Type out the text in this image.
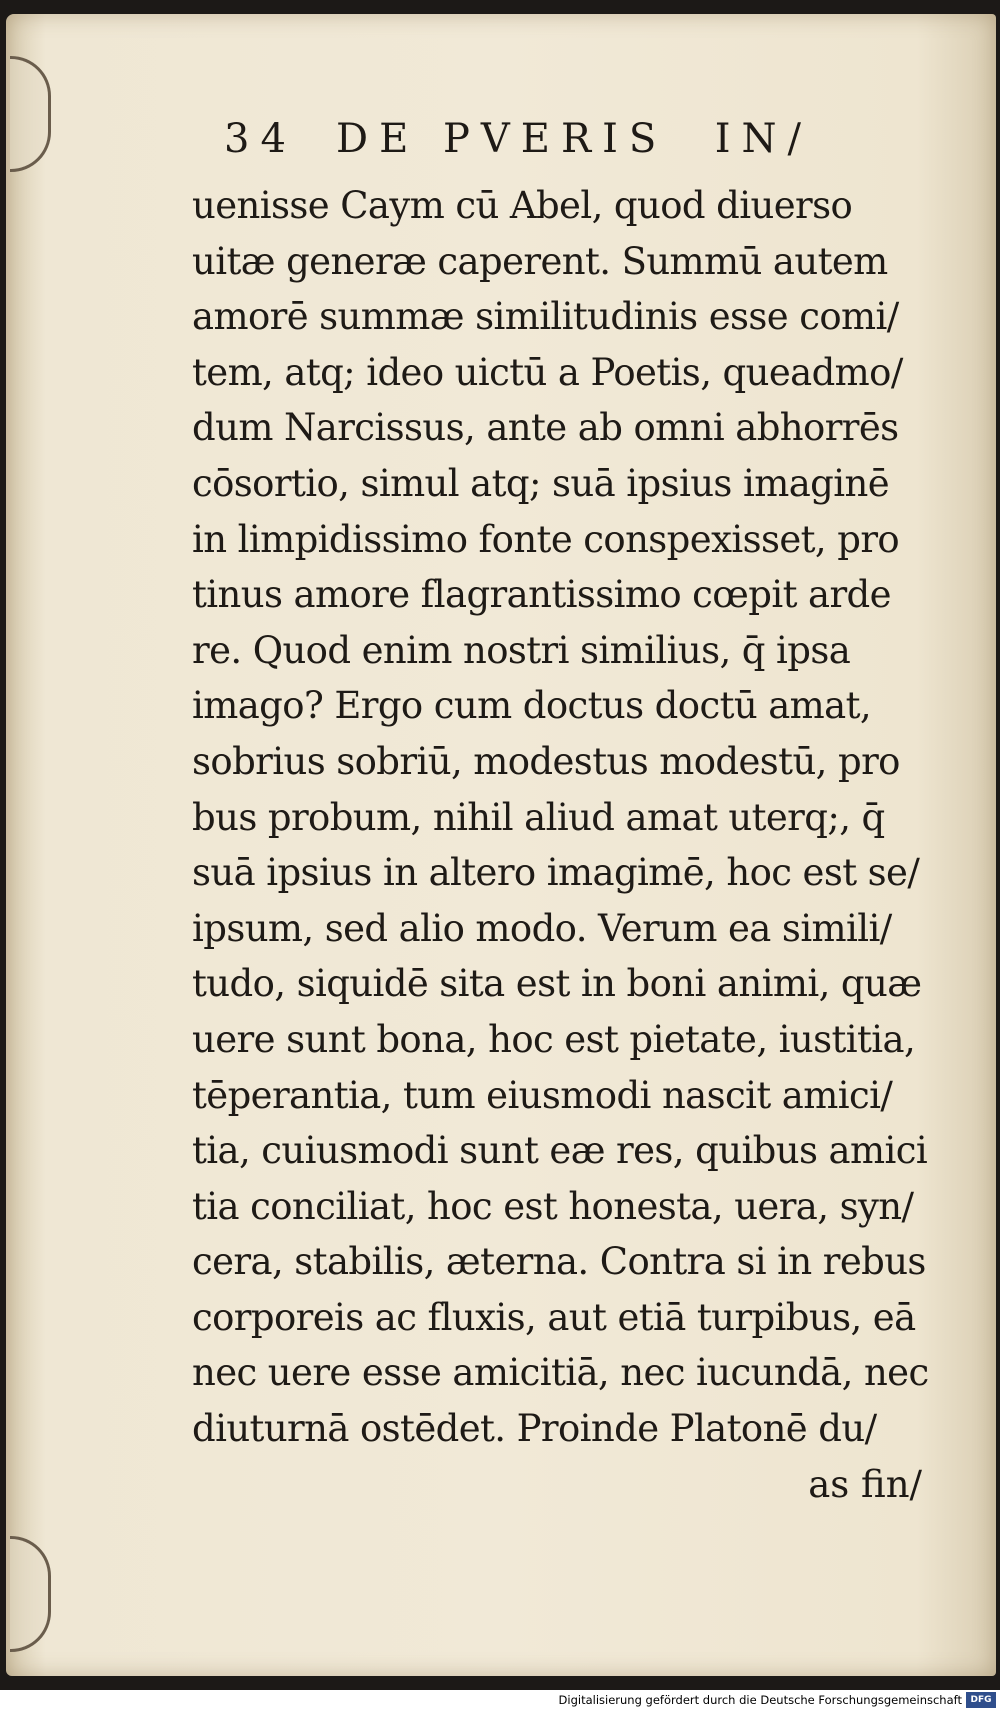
34 DE PVERIS  IN/
uenisse Caym cū Abel, quod diuerso
uitæ generæ caperent. Summū autem
amorē summæ similitudinis esse comi/
tem, atq; ideo uictū a Poetis, queadmo/
dum Narcissus, ante ab omni abhorrēs
cōsortio, simul atq; suā ipsius imaginē
in limpidissimo fonte conspexisset, pro
tinus amore flagrantissimo cœpit arde
re. Quod enim nostri similius, q̄ ipsa
imago? Ergo cum doctus doctū amat,
sobrius sobriū, modestus modestū, pro
bus probum, nihil aliud amat uterq;, q̄
suā ipsius in altero imagimē, hoc est se/
ipsum, sed alio modo. Verum ea simili/
tudo, siquidē sita est in boni animi, quæ
uere sunt bona, hoc est pietate, iustitia,
tēperantia, tum eiusmodi nascit amici/
tia, cuiusmodi sunt eæ res, quibus amici
tia conciliat, hoc est honesta, uera, syn/
cera, stabilis, æterna. Contra si in rebus
corporeis ac fluxis, aut etiā turpibus, eā
nec uere esse amicitiā, nec iucundā, nec
diuturnā ostēdet. Proinde Platonē du/
as fin/
Digitalisierung gefördert durch die Deutsche Forschungsgemeinschaft DFG
